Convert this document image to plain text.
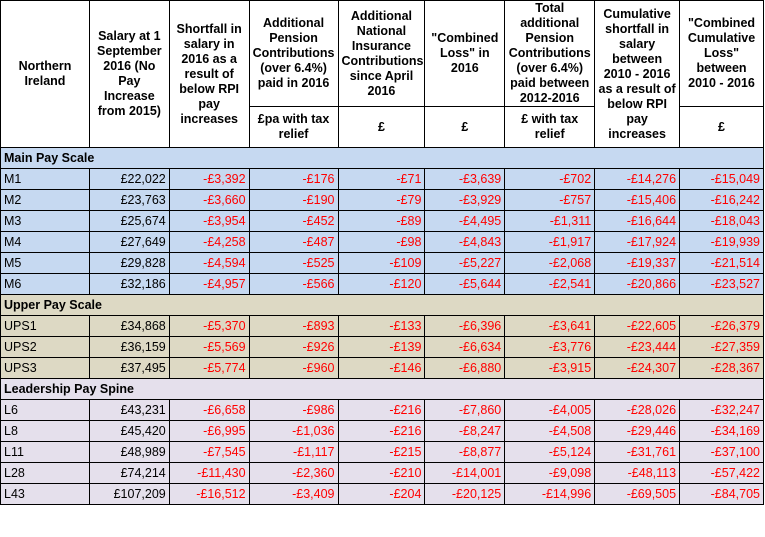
Northern Ireland	Salary at 1 September 2016 (No Pay Increase from 2015)	Shortfall in salary in 2016 as a result of below RPI pay increases	Additional Pension Contributions (over 6.4%) paid in 2016	Additional National Insurance Contributions since April 2016	"Combined Loss" in 2016	Total additional Pension Contributions (over 6.4%) paid between 2012-2016	Cumulative shortfall in salary between 2010 - 2016 as a result of below RPI pay increases	"Combined Cumulative Loss" between 2010 - 2016
			£pa with tax relief	£	£	£ with tax relief		£
Main Pay Scale								
M1	£22,022	-£3,392	-£176	-£71	-£3,639	-£702	-£14,276	-£15,049
M2	£23,763	-£3,660	-£190	-£79	-£3,929	-£757	-£15,406	-£16,242
M3	£25,674	-£3,954	-£452	-£89	-£4,495	-£1,311	-£16,644	-£18,043
M4	£27,649	-£4,258	-£487	-£98	-£4,843	-£1,917	-£17,924	-£19,939
M5	£29,828	-£4,594	-£525	-£109	-£5,227	-£2,068	-£19,337	-£21,514
M6	£32,186	-£4,957	-£566	-£120	-£5,644	-£2,541	-£20,866	-£23,527
Upper Pay Scale								
UPS1	£34,868	-£5,370	-£893	-£133	-£6,396	-£3,641	-£22,605	-£26,379
UPS2	£36,159	-£5,569	-£926	-£139	-£6,634	-£3,776	-£23,444	-£27,359
UPS3	£37,495	-£5,774	-£960	-£146	-£6,880	-£3,915	-£24,307	-£28,367
Leadership Pay Spine								
L6	£43,231	-£6,658	-£986	-£216	-£7,860	-£4,005	-£28,026	-£32,247
L8	£45,420	-£6,995	-£1,036	-£216	-£8,247	-£4,508	-£29,446	-£34,169
L11	£48,989	-£7,545	-£1,117	-£215	-£8,877	-£5,124	-£31,761	-£37,100
L28	£74,214	-£11,430	-£2,360	-£210	-£14,001	-£9,098	-£48,113	-£57,422
L43	£107,209	-£16,512	-£3,409	-£204	-£20,125	-£14,996	-£69,505	-£84,705
